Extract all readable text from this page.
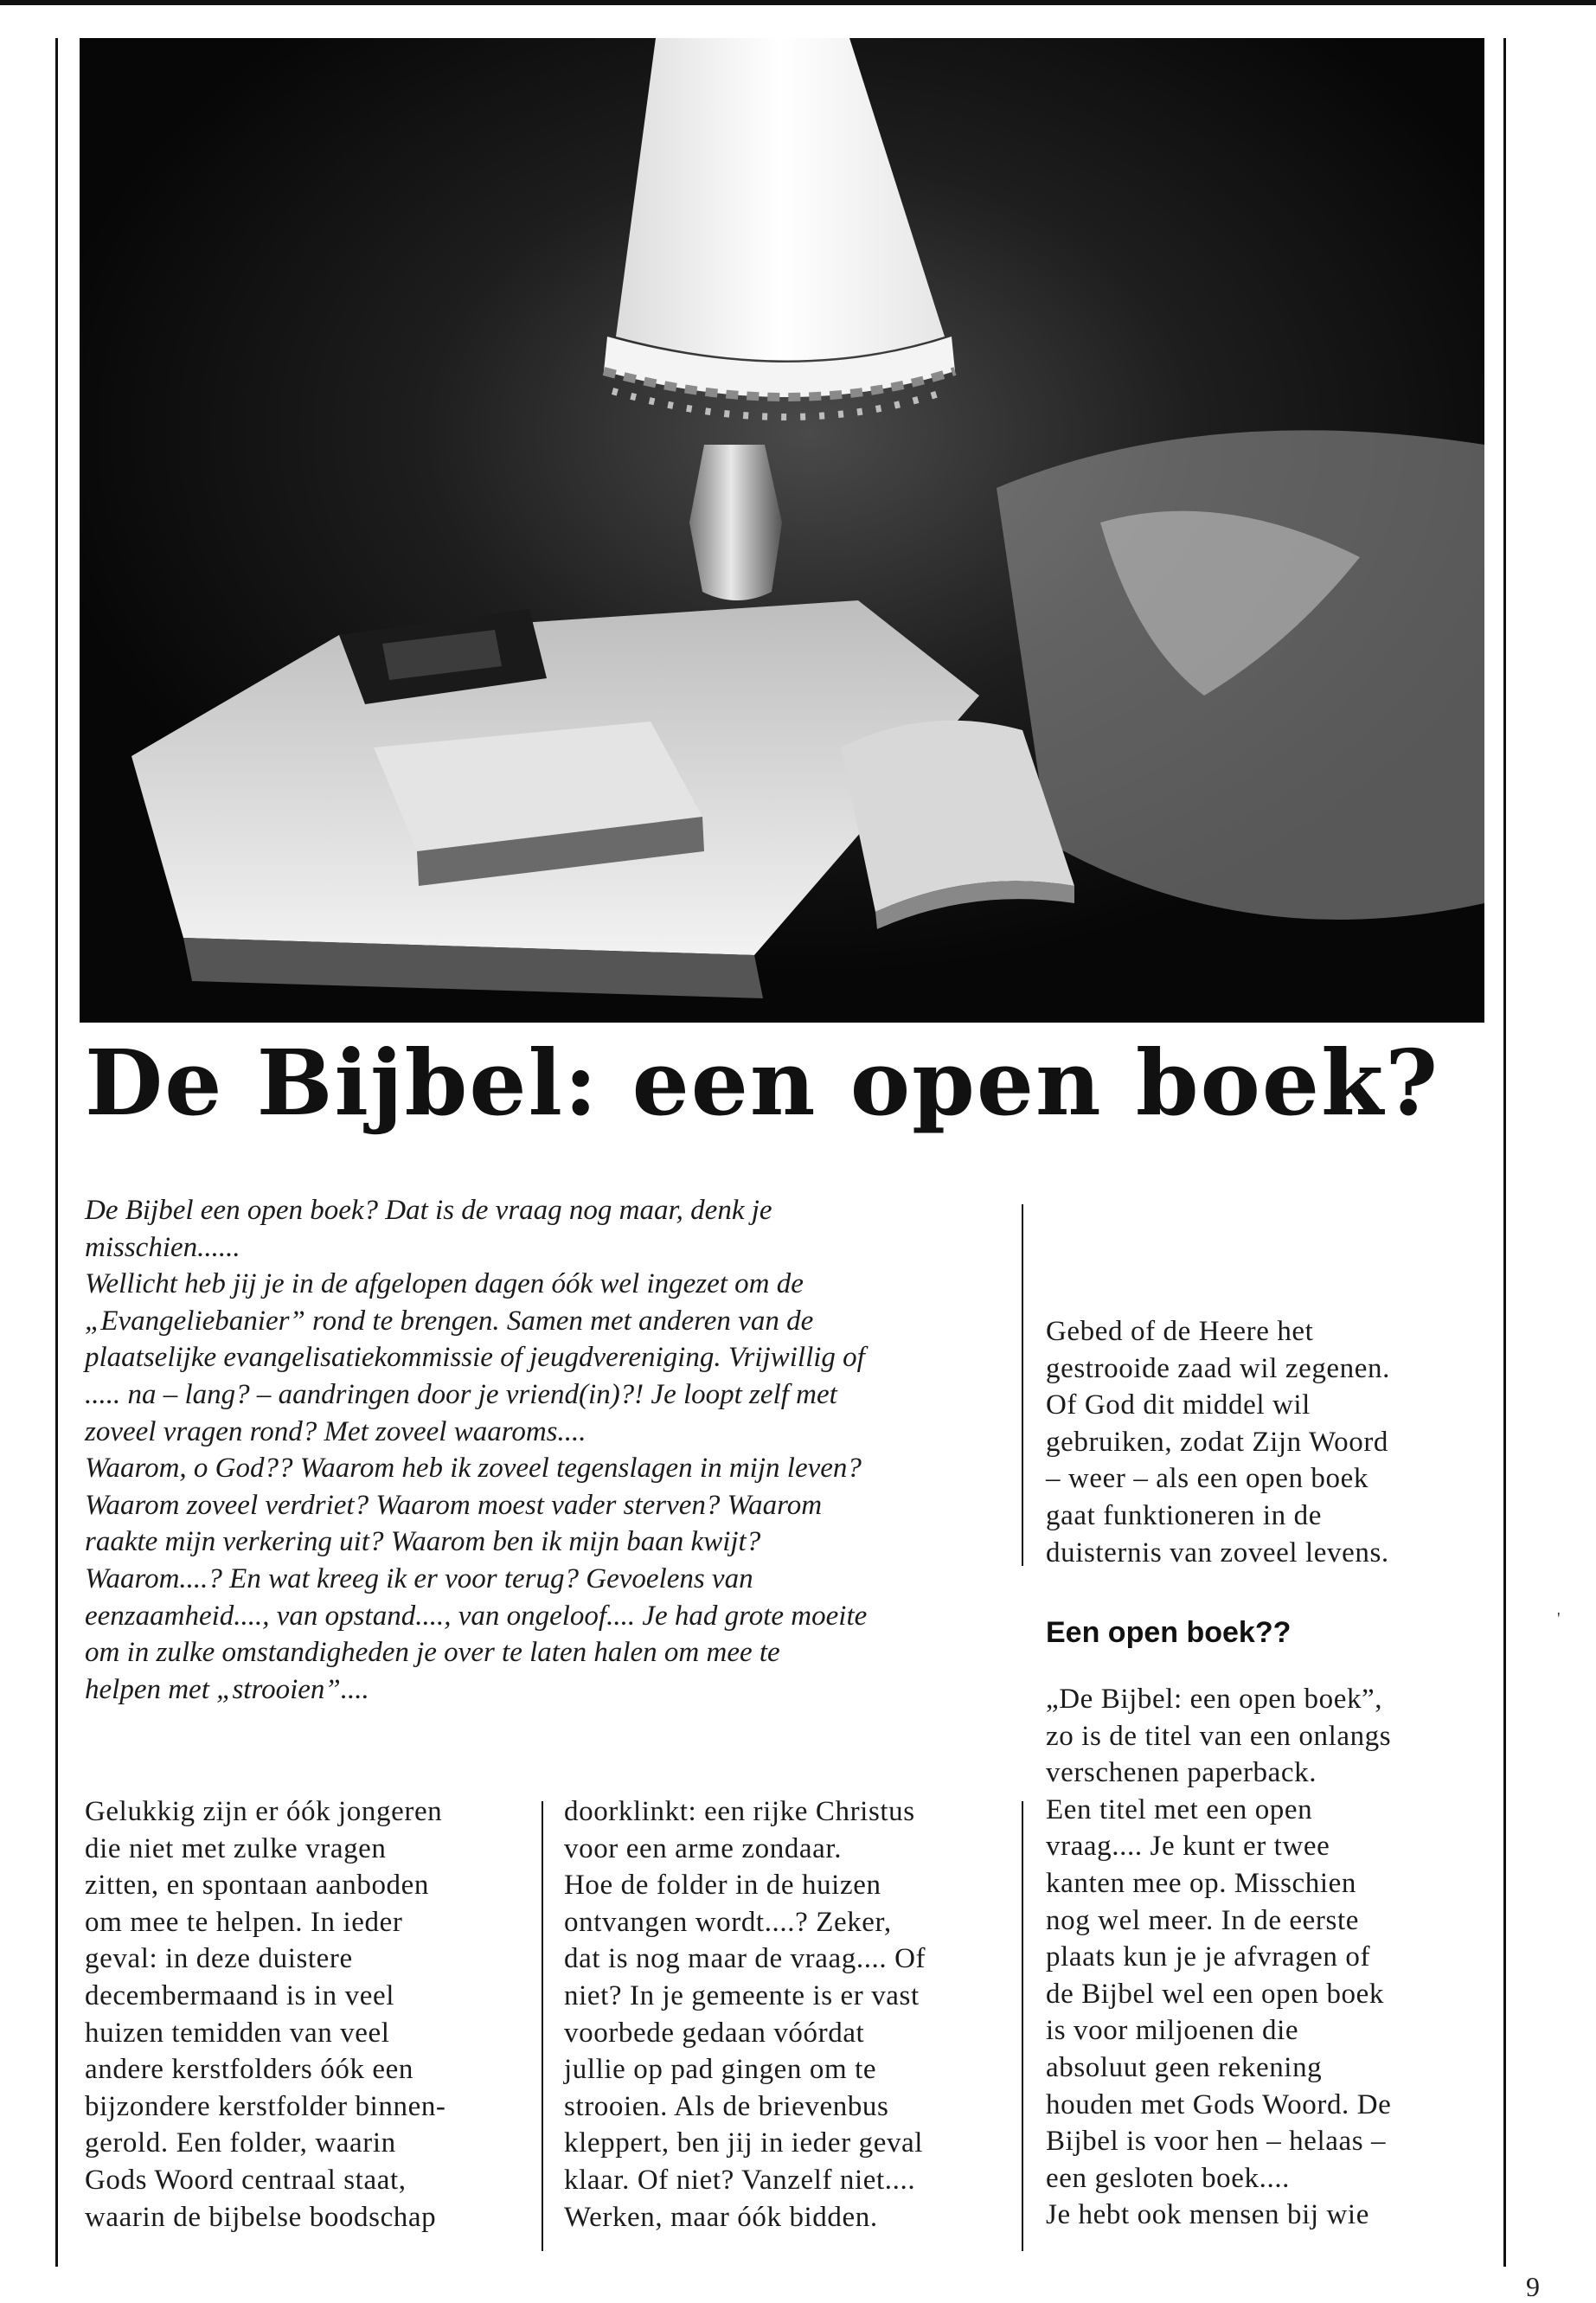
De Bijbel: een open boek?

De Bijbel een open boek? Dat is de vraag nog maar, denk je
misschien......
Wellicht heb jij je in de afgelopen dagen óók wel ingezet om de
„Evangeliebanier” rond te brengen. Samen met anderen van de
plaatselijke evangelisatiekommissie of jeugdvereniging. Vrijwillig of
..... na – lang? – aandringen door je vriend(in)?! Je loopt zelf met
zoveel vragen rond? Met zoveel waaroms....
Waarom, o God?? Waarom heb ik zoveel tegenslagen in mijn leven?
Waarom zoveel verdriet? Waarom moest vader sterven? Waarom
raakte mijn verkering uit? Waarom ben ik mijn baan kwijt?
Waarom....? En wat kreeg ik er voor terug? Gevoelens van
eenzaamheid...., van opstand...., van ongeloof.... Je had grote moeite
om in zulke omstandigheden je over te laten halen om mee te
helpen met „strooien”....

Gelukkig zijn er óók jongeren
die niet met zulke vragen
zitten, en spontaan aanboden
om mee te helpen. In ieder
geval: in deze duistere
decembermaand is in veel
huizen temidden van veel
andere kerstfolders óók een
bijzondere kerstfolder binnen-
gerold. Een folder, waarin
Gods Woord centraal staat,
waarin de bijbelse boodschap
doorklinkt: een rijke Christus
voor een arme zondaar.
Hoe de folder in de huizen
ontvangen wordt....? Zeker,
dat is nog maar de vraag.... Of
niet? In je gemeente is er vast
voorbede gedaan vóórdat
jullie op pad gingen om te
strooien. Als de brievenbus
kleppert, ben jij in ieder geval
klaar. Of niet? Vanzelf niet....
Werken, maar óók bidden.
Gebed of de Heere het
gestrooide zaad wil zegenen.
Of God dit middel wil
gebruiken, zodat Zijn Woord
– weer – als een open boek
gaat funktioneren in de
duisternis van zoveel levens.
Een open boek??
„De Bijbel: een open boek”,
zo is de titel van een onlangs
verschenen paperback.
Een titel met een open
vraag.... Je kunt er twee
kanten mee op. Misschien
nog wel meer. In de eerste
plaats kun je je afvragen of
de Bijbel wel een open boek
is voor miljoenen die
absoluut geen rekening
houden met Gods Woord. De
Bijbel is voor hen – helaas –
een gesloten boek....
Je hebt ook mensen bij wie
'
9
